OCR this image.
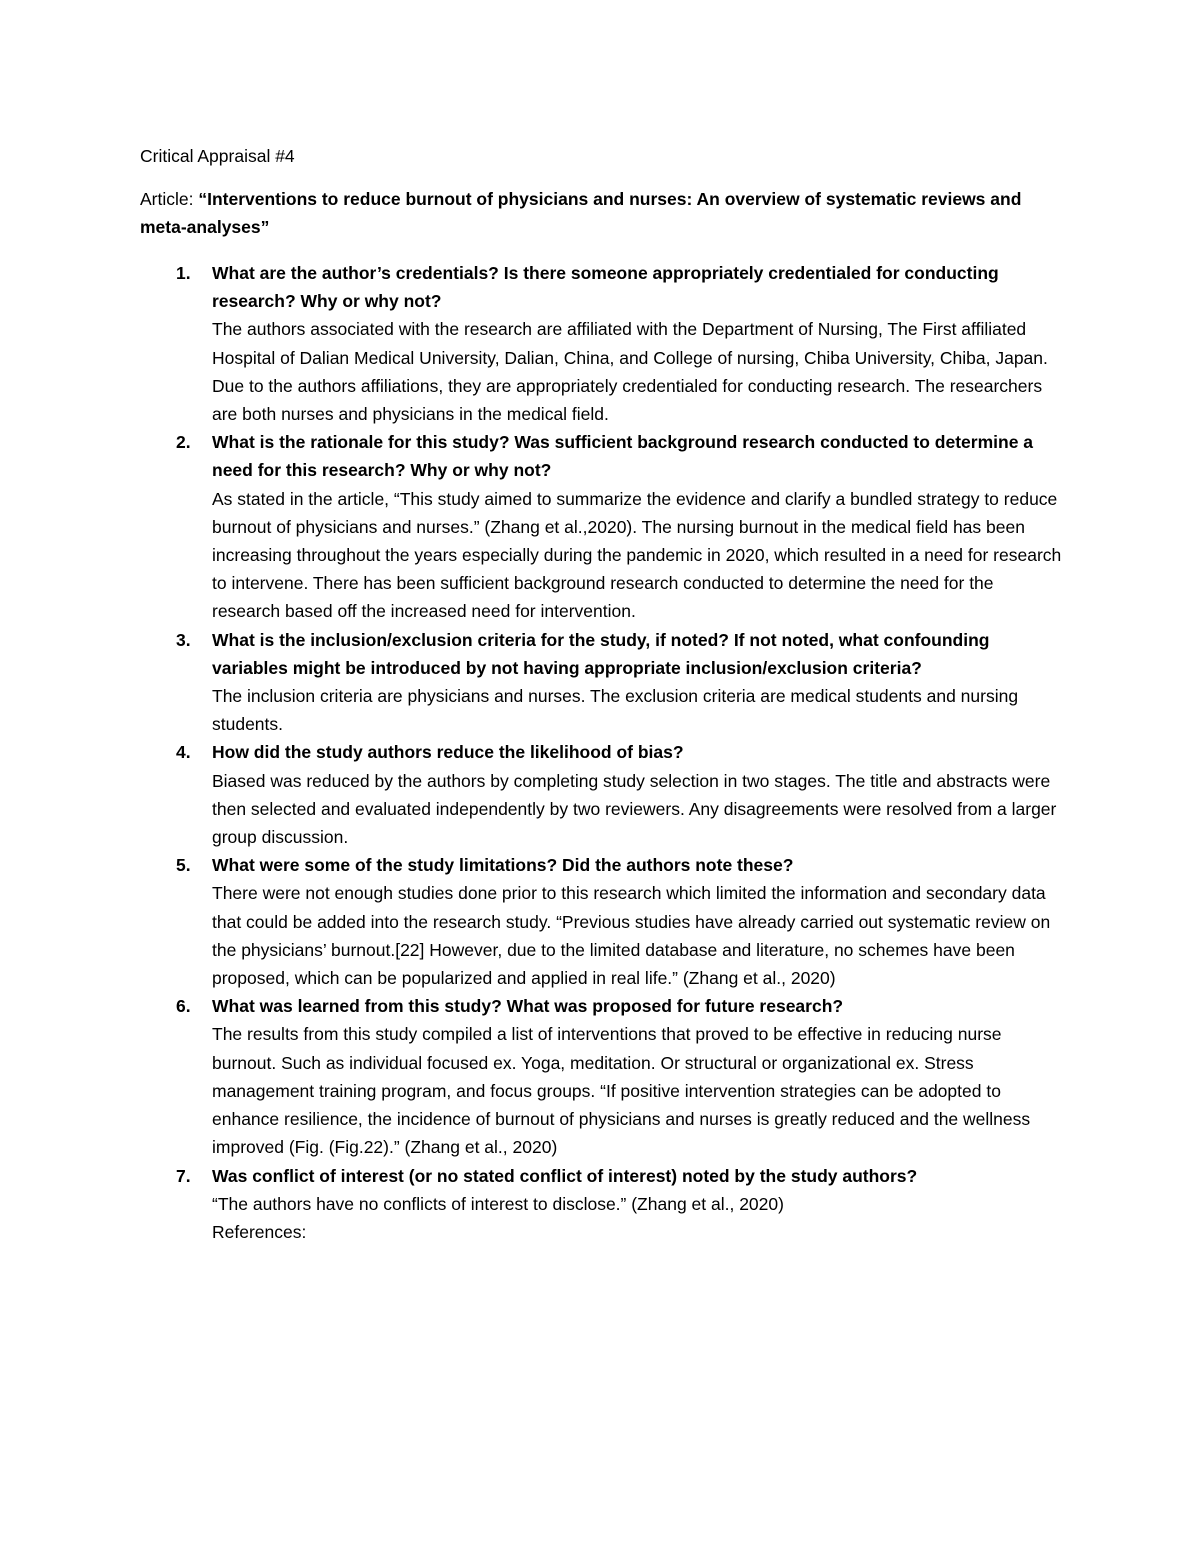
Critical Appraisal #4
Article: “Interventions to reduce burnout of physicians and nurses: An overview of systematic reviews and meta-analyses”
1. What are the author’s credentials? Is there someone appropriately credentialed for conducting research? Why or why not?
The authors associated with the research are affiliated with the Department of Nursing, The First affiliated Hospital of Dalian Medical University, Dalian, China, and College of nursing, Chiba University, Chiba, Japan. Due to the authors affiliations, they are appropriately credentialed for conducting research. The researchers are both nurses and physicians in the medical field.
2. What is the rationale for this study? Was sufficient background research conducted to determine a need for this research? Why or why not?
As stated in the article, “This study aimed to summarize the evidence and clarify a bundled strategy to reduce burnout of physicians and nurses.” (Zhang et al.,2020). The nursing burnout in the medical field has been increasing throughout the years especially during the pandemic in 2020, which resulted in a need for research to intervene. There has been sufficient background research conducted to determine the need for the research based off the increased need for intervention.
3. What is the inclusion/exclusion criteria for the study, if noted? If not noted, what confounding variables might be introduced by not having appropriate inclusion/exclusion criteria?
The inclusion criteria are physicians and nurses. The exclusion criteria are medical students and nursing students.
4. How did the study authors reduce the likelihood of bias?
Biased was reduced by the authors by completing study selection in two stages. The title and abstracts were then selected and evaluated independently by two reviewers. Any disagreements were resolved from a larger group discussion.
5. What were some of the study limitations? Did the authors note these?
There were not enough studies done prior to this research which limited the information and secondary data that could be added into the research study. “Previous studies have already carried out systematic review on the physicians’ burnout.[22] However, due to the limited database and literature, no schemes have been proposed, which can be popularized and applied in real life.” (Zhang et al., 2020)
6. What was learned from this study? What was proposed for future research?
The results from this study compiled a list of interventions that proved to be effective in reducing nurse burnout. Such as individual focused ex. Yoga, meditation. Or structural or organizational ex. Stress management training program, and focus groups. “If positive intervention strategies can be adopted to enhance resilience, the incidence of burnout of physicians and nurses is greatly reduced and the wellness improved (Fig. (Fig.22).” (Zhang et al., 2020)
7. Was conflict of interest (or no stated conflict of interest) noted by the study authors?
“The authors have no conflicts of interest to disclose.” (Zhang et al., 2020)
References:
